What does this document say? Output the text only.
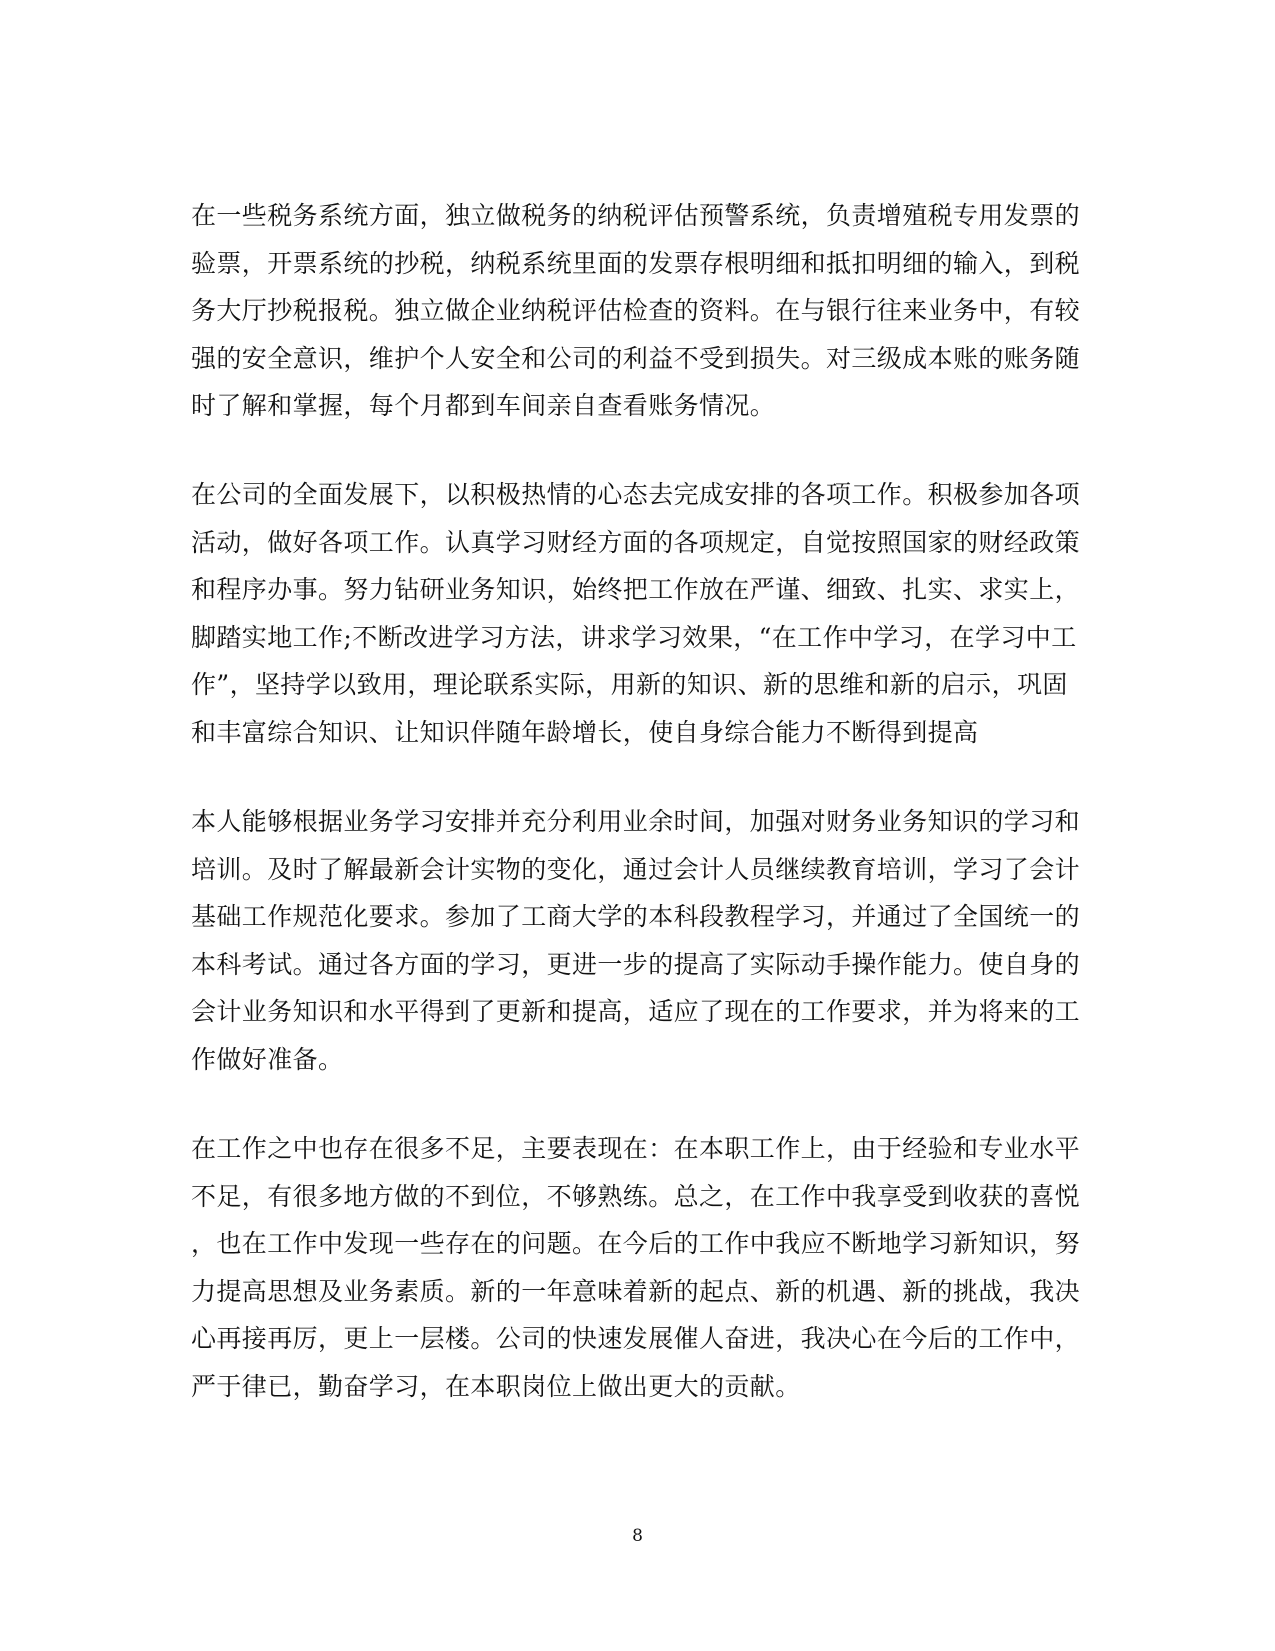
在一些税务系统方面，独立做税务的纳税评估预警系统，负责增殖税专用发票的
验票，开票系统的抄税，纳税系统里面的发票存根明细和抵扣明细的输入，到税
务大厅抄税报税。独立做企业纳税评估检查的资料。在与银行往来业务中，有较
强的安全意识，维护个人安全和公司的利益不受到损失。对三级成本账的账务随
时了解和掌握，每个月都到车间亲自查看账务情况。
在公司的全面发展下，以积极热情的心态去完成安排的各项工作。积极参加各项
活动，做好各项工作。认真学习财经方面的各项规定，自觉按照国家的财经政策
和程序办事。努力钻研业务知识，始终把工作放在严谨、细致、扎实、求实上，
脚踏实地工作;不断改进学习方法，讲求学习效果，“在工作中学习，在学习中工
作”，坚持学以致用，理论联系实际，用新的知识、新的思维和新的启示，巩固
和丰富综合知识、让知识伴随年龄增长，使自身综合能力不断得到提高
本人能够根据业务学习安排并充分利用业余时间，加强对财务业务知识的学习和
培训。及时了解最新会计实物的变化，通过会计人员继续教育培训，学习了会计
基础工作规范化要求。参加了工商大学的本科段教程学习，并通过了全国统一的
本科考试。通过各方面的学习，更进一步的提高了实际动手操作能力。使自身的
会计业务知识和水平得到了更新和提高，适应了现在的工作要求，并为将来的工
作做好准备。
在工作之中也存在很多不足，主要表现在：在本职工作上，由于经验和专业水平
不足，有很多地方做的不到位，不够熟练。总之，在工作中我享受到收获的喜悦
，也在工作中发现一些存在的问题。在今后的工作中我应不断地学习新知识，努
力提高思想及业务素质。新的一年意味着新的起点、新的机遇、新的挑战，我决
心再接再厉，更上一层楼。公司的快速发展催人奋进，我决心在今后的工作中，
严于律已，勤奋学习，在本职岗位上做出更大的贡献。
8
